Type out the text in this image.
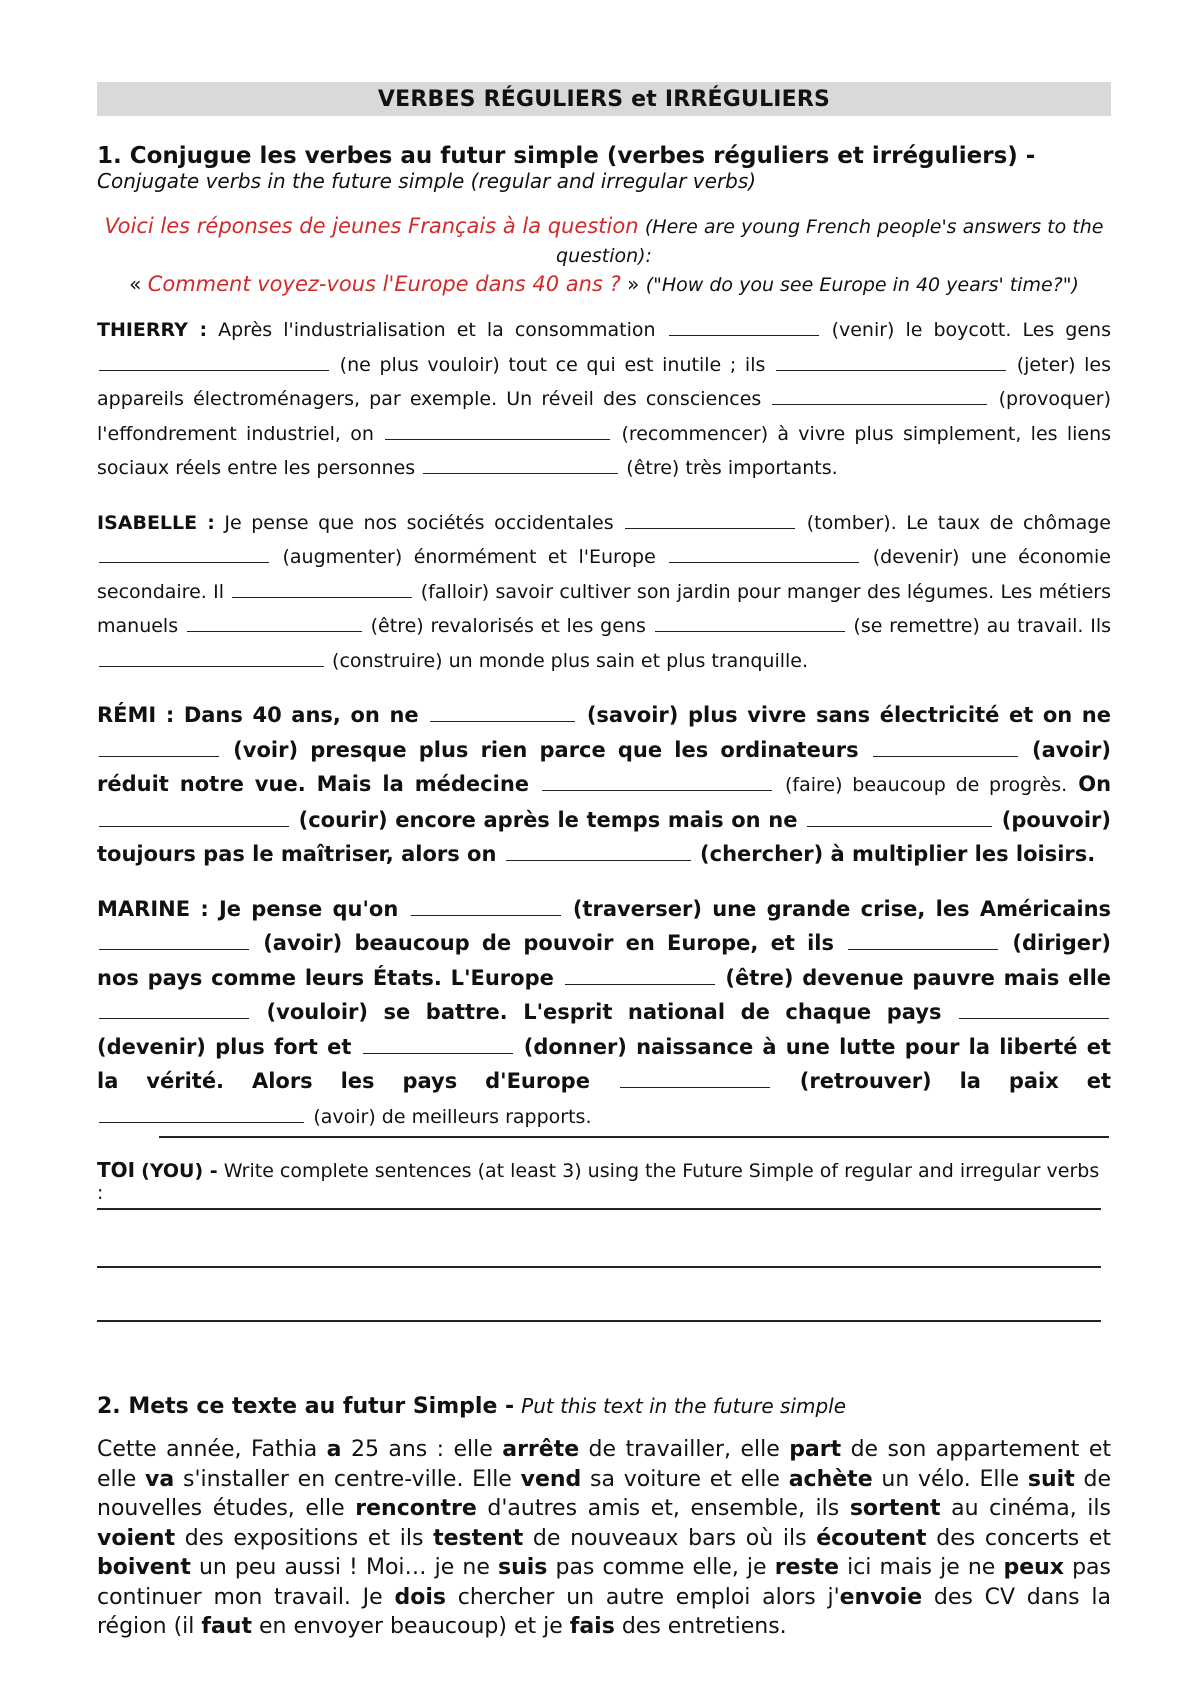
VERBES RÉGULIERS et IRRÉGULIERS
1. Conjugue les verbes au futur simple (verbes réguliers et irréguliers) - Conjugate verbs in the future simple (regular and irregular verbs)
Voici les réponses de jeunes Français à la question (Here are young French people's answers to the question):
« Comment voyez-vous l'Europe dans 40 ans ? » ("How do you see Europe in 40 years' time?")
THIERRY : Après l'industrialisation et la consommation	(venir) le boycott. Les gens  (ne plus vouloir) tout ce qui est inutile ; ils	(jeter) les appareils électroménagers, par exemple. Un réveil des consciences	(provoquer) l'effondrement industriel, on	(recommencer) à vivre plus simplement, les liens sociaux réels entre les personnes	(être) très importants.
ISABELLE : Je pense que nos sociétés occidentales	(tomber). Le taux de chômage  (augmenter) énormément et l'Europe	(devenir) une économie secondaire. Il	(falloir) savoir cultiver son jardin pour manger des légumes. Les métiers manuels	(être) revalorisés et les gens	(se remettre) au travail. Ils  (construire) un monde plus sain et plus tranquille.
RÉMI : Dans 40 ans, on ne	(savoir) plus vivre sans électricité et on ne  (voir) presque plus rien parce que les ordinateurs	(avoir) réduit notre vue. Mais la médecine	(faire) beaucoup de progrès. On  (courir) encore après le temps mais on ne	(pouvoir) toujours pas le maîtriser, alors on	(chercher) à multiplier les loisirs.
MARINE : Je pense qu'on	(traverser) une grande crise, les Américains  (avoir) beaucoup de pouvoir en Europe, et ils	(diriger) nos pays comme leurs États. L'Europe	(être) devenue pauvre mais elle  (vouloir) se battre. L'esprit national de chaque pays  (devenir) plus fort et	(donner) naissance à une lutte pour la liberté et la vérité. Alors les pays d'Europe	(retrouver) la paix et  (avoir) de meilleurs rapports.
TOI (YOU) - Write complete sentences (at least 3) using the Future Simple of regular and irregular verbs :
2. Mets ce texte au futur Simple - Put this text in the future simple
Cette année, Fathia a 25 ans : elle arrête de travailler, elle part de son appartement et elle va s'installer en centre-ville. Elle vend sa voiture et elle achète un vélo. Elle suit de nouvelles études, elle rencontre d'autres amis et, ensemble, ils sortent au cinéma, ils voient des expositions et ils testent de nouveaux bars où ils écoutent des concerts et boivent un peu aussi ! Moi… je ne suis pas comme elle, je reste ici mais je ne peux pas continuer mon travail. Je dois chercher un autre emploi alors j'envoie des CV dans la région (il faut en envoyer beaucoup) et je fais des entretiens.
